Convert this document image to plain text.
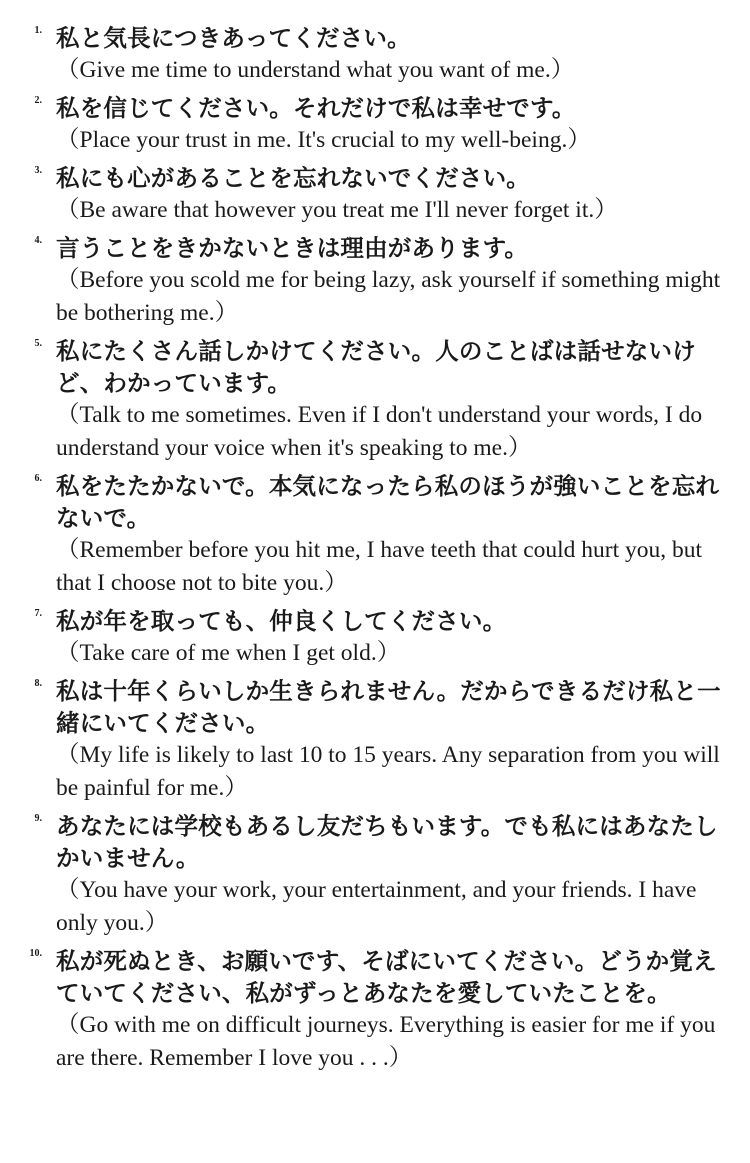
1. 私と気長につきあってください。
（ Give me time to understand what you want of me. ）
2. 私を信じてください。それだけで私は幸せです。
（ Place your trust in me. It's crucial to my well-being. ）
3. 私にも心があることを忘れないでください。
（ Be aware that however you treat me I'll never forget it. ）
4. 言うことをきかないときは理由があります。
（ Before you scold me for being lazy, ask yourself if something might be bothering me. ）
5. 私にたくさん話しかけてください。人のことばは話せないけど、わかっています。
（ Talk to me sometimes. Even if I don't understand your words, I do understand your voice when it's speaking to me. ）
6. 私をたたかないで。本気になったら私のほうが強いことを忘れないで。
（ Remember before you hit me, I have teeth that could hurt you, but that I choose not to bite you. ）
7. 私が年を取っても、仲良くしてください。
（ Take care of me when I get old. ）
8. 私は十年くらいしか生きられません。だからできるだけ私と一緒にいてください。
（ My life is likely to last 10 to 15 years. Any separation from you will be painful for me. ）
9. あなたには学校もあるし友だちもいます。でも私にはあなたしかいません。
（ You have your work, your entertainment, and your friends. I have only you. ）
10. 私が死ぬとき、お願いです、そばにいてください。どうか覚えていてください、私がずっとあなたを愛していたことを。
（ Go with me on difficult journeys. Everything is easier for me if you are there. Remember I love you . . . ）
